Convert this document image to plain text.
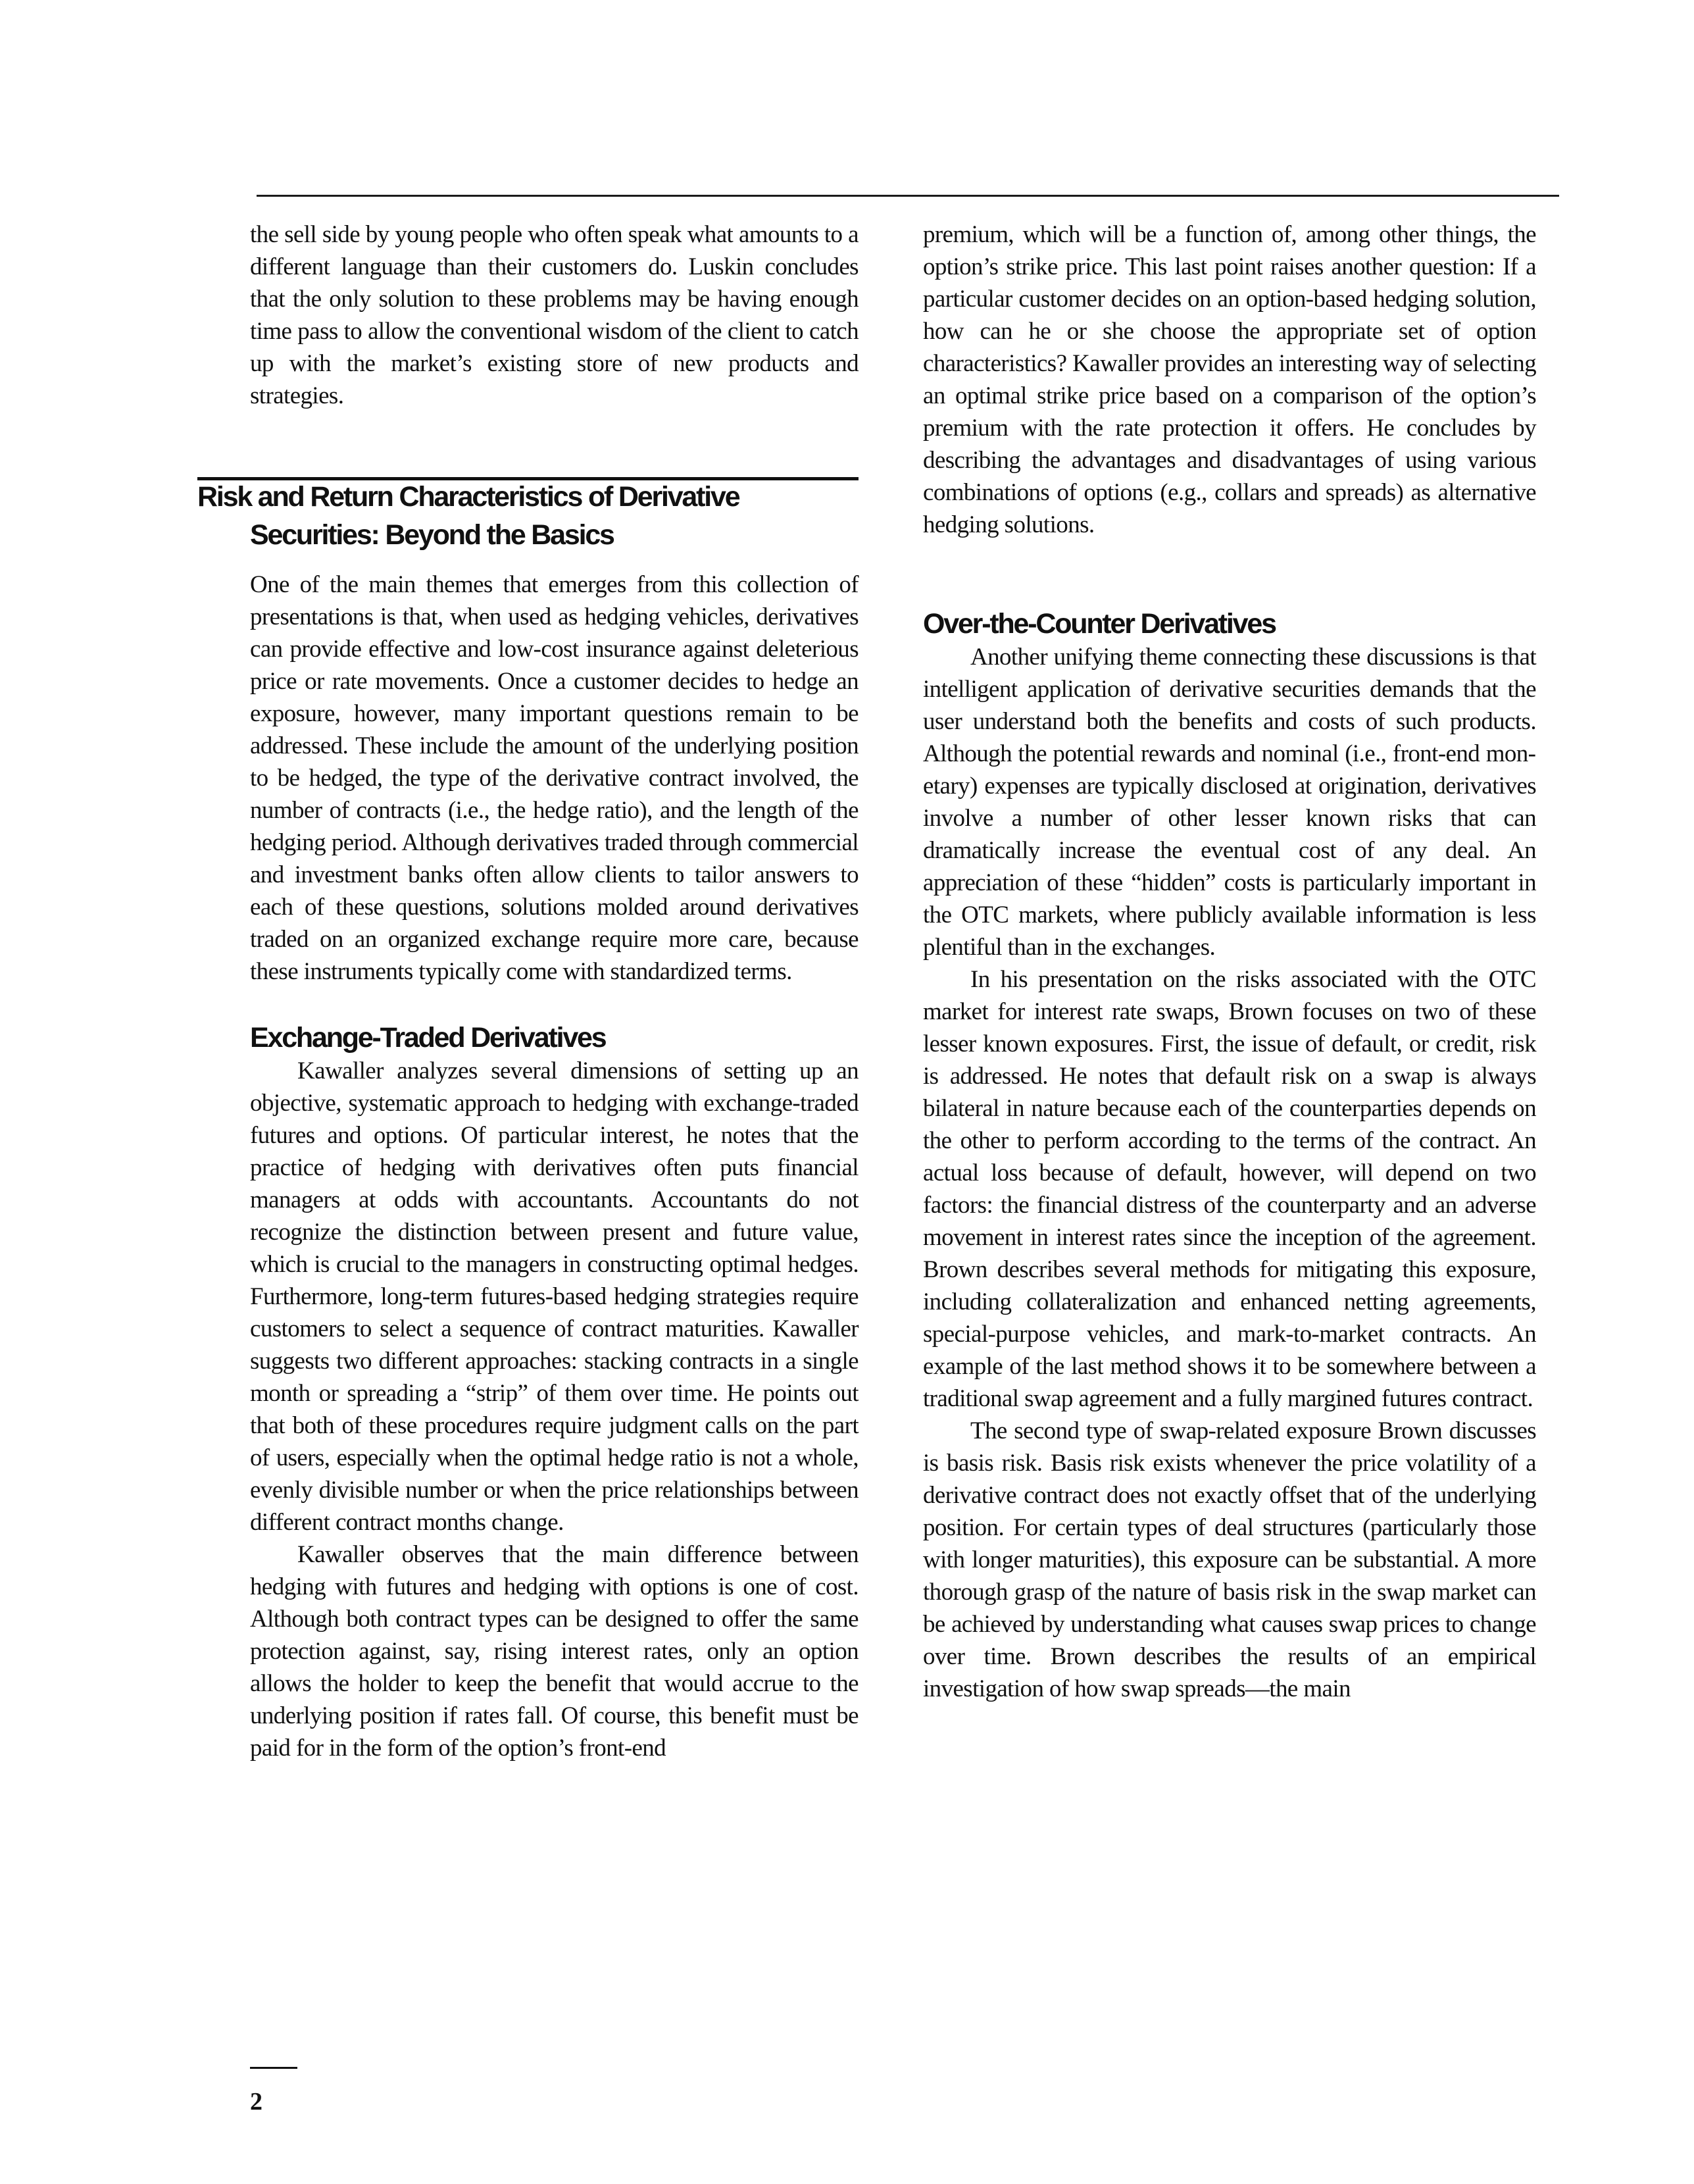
the sell side by young people who often speak what amounts to a different language than their customers do. Luskin concludes that the only solution to these problems may be having enough time pass to allow the conventional wisdom of the client to catch up with the market’s existing store of new products and strategies.

Risk and Return Characteristics of Derivative Securities: Beyond the Basics

One of the main themes that emerges from this collection of presentations is that, when used as hedging vehicles, derivatives can provide effective and low-cost insurance against deleterious price or rate movements. Once a customer decides to hedge an exposure, however, many important questions remain to be addressed. These include the amount of the underlying position to be hedged, the type of the derivative contract involved, the number of contracts (i.e., the hedge ratio), and the length of the hedging period. Although derivatives traded through commercial and investment banks often allow clients to tailor answers to each of these questions, solutions molded around derivatives traded on an organized exchange require more care, because these instruments typically come with standardized terms.

Exchange-Traded Derivatives

Kawaller analyzes several dimensions of setting up an objective, systematic approach to hedging with exchange-traded futures and options. Of particular interest, he notes that the practice of hedging with derivatives often puts financial managers at odds with accountants. Accountants do not recognize the distinction between present and future value, which is crucial to the managers in constructing optimal hedges. Furthermore, long-term futures-based hedging strategies require customers to select a sequence of contract maturities. Kawaller suggests two different approaches: stacking contracts in a single month or spreading a “strip” of them over time. He points out that both of these procedures require judgment calls on the part of users, especially when the optimal hedge ratio is not a whole, evenly divisible number or when the price relationships between different contract months change.

Kawaller observes that the main difference between hedging with futures and hedging with options is one of cost. Although both contract types can be designed to offer the same protection against, say, rising interest rates, only an option allows the holder to keep the benefit that would accrue to the underlying position if rates fall. Of course, this benefit must be paid for in the form of the option’s front-end

premium, which will be a function of, among other things, the option’s strike price. This last point raises another question: If a particular customer decides on an option-based hedging solution, how can he or she choose the appropriate set of option characteristics? Kawaller provides an interesting way of selecting an optimal strike price based on a comparison of the option’s premium with the rate protection it offers. He concludes by describing the advantages and disadvantages of using various combinations of options (e.g., collars and spreads) as alternative hedging solutions.

Over-the-Counter Derivatives

Another unifying theme connecting these discussions is that intelligent application of derivative securities demands that the user understand both the benefits and costs of such products. Although the potential rewards and nominal (i.e., front-end monetary) expenses are typically disclosed at origination, derivatives involve a number of other lesser known risks that can dramatically increase the eventual cost of any deal. An appreciation of these “hidden” costs is particularly important in the OTC markets, where publicly available information is less plentiful than in the exchanges.

In his presentation on the risks associated with the OTC market for interest rate swaps, Brown focuses on two of these lesser known exposures. First, the issue of default, or credit, risk is addressed. He notes that default risk on a swap is always bilateral in nature because each of the counterparties depends on the other to perform according to the terms of the contract. An actual loss because of default, however, will depend on two factors: the financial distress of the counterparty and an adverse movement in interest rates since the inception of the agreement. Brown describes several methods for mitigating this exposure, including collateralization and enhanced netting agreements, special-purpose vehicles, and mark-to-market contracts. An example of the last method shows it to be somewhere between a traditional swap agreement and a fully margined futures contract.

The second type of swap-related exposure Brown discusses is basis risk. Basis risk exists whenever the price volatility of a derivative contract does not exactly offset that of the underlying position. For certain types of deal structures (particularly those with longer maturities), this exposure can be substantial. A more thorough grasp of the nature of basis risk in the swap market can be achieved by understanding what causes swap prices to change over time. Brown describes the results of an empirical investigation of how swap spreads—the main

2
